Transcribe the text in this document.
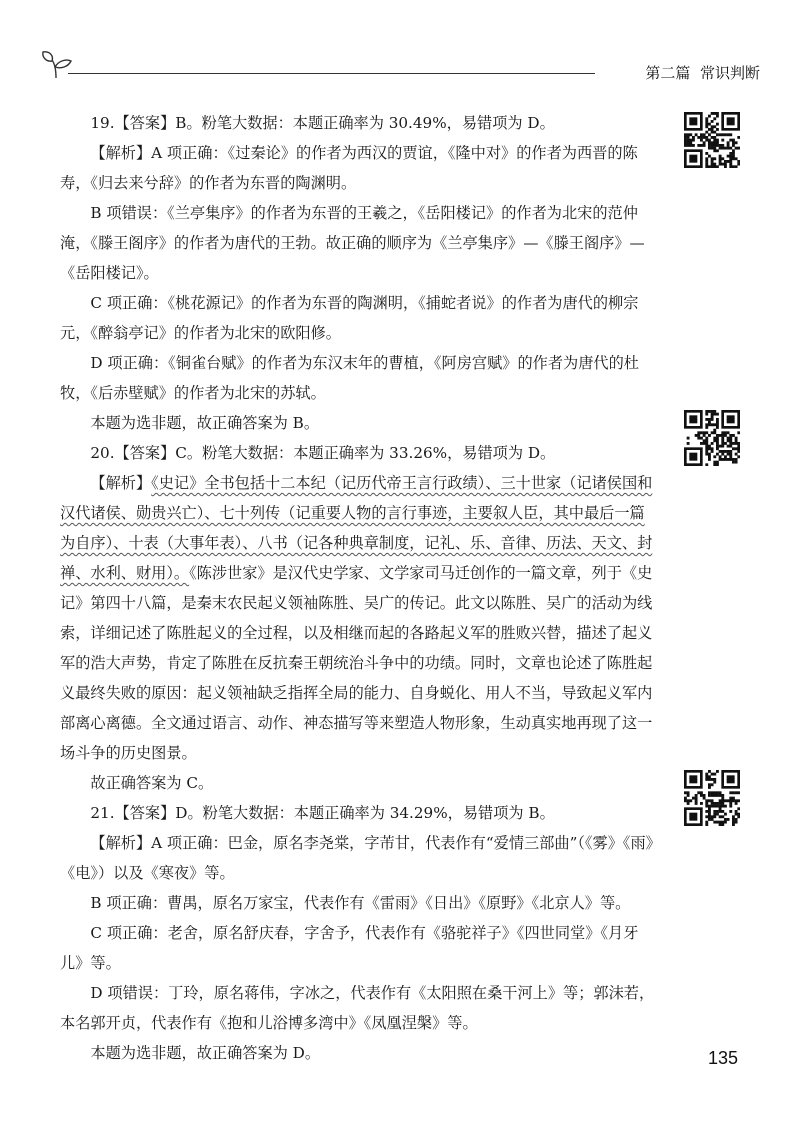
第二篇 常识判断

19.【答案】B。粉笔大数据：本题正确率为 30.49%，易错项为 D。

【解析】A 项正确：《过秦论》的作者为西汉的贾谊，《隆中对》的作者为西晋的陈寿，《归去来兮辞》的作者为东晋的陶渊明。

B 项错误：《兰亭集序》的作者为东晋的王羲之，《岳阳楼记》的作者为北宋的范仲淹，《滕王阁序》的作者为唐代的王勃。故正确的顺序为《兰亭集序》—《滕王阁序》—《岳阳楼记》。

C 项正确：《桃花源记》的作者为东晋的陶渊明，《捕蛇者说》的作者为唐代的柳宗元，《醉翁亭记》的作者为北宋的欧阳修。

D 项正确：《铜雀台赋》的作者为东汉末年的曹植，《阿房宫赋》的作者为唐代的杜牧，《后赤壁赋》的作者为北宋的苏轼。

本题为选非题，故正确答案为 B。

20.【答案】C。粉笔大数据：本题正确率为 33.26%，易错项为 D。

【解析】《史记》全书包括十二本纪（记历代帝王言行政绩）、三十世家（记诸侯国和汉代诸侯、勋贵兴亡）、七十列传（记重要人物的言行事迹，主要叙人臣，其中最后一篇为自序）、十表（大事年表）、八书（记各种典章制度，记礼、乐、音律、历法、天文、封禅、水利、财用）。《陈涉世家》是汉代史学家、文学家司马迁创作的一篇文章，列于《史记》第四十八篇，是秦末农民起义领袖陈胜、吴广的传记。此文以陈胜、吴广的活动为线索，详细记述了陈胜起义的全过程，以及相继而起的各路起义军的胜败兴替，描述了起义军的浩大声势，肯定了陈胜在反抗秦王朝统治斗争中的功绩。同时，文章也论述了陈胜起义最终失败的原因：起义领袖缺乏指挥全局的能力、自身蜕化、用人不当，导致起义军内部离心离德。全文通过语言、动作、神态描写等来塑造人物形象，生动真实地再现了这一场斗争的历史图景。

故正确答案为 C。

21.【答案】D。粉笔大数据：本题正确率为 34.29%，易错项为 B。

【解析】A 项正确：巴金，原名李尧棠，字芾甘，代表作有“爱情三部曲”（《雾》《雨》《电》）以及《寒夜》等。

B 项正确：曹禺，原名万家宝，代表作有《雷雨》《日出》《原野》《北京人》等。

C 项正确：老舍，原名舒庆春，字舍予，代表作有《骆驼祥子》《四世同堂》《月牙儿》等。

D 项错误：丁玲，原名蒋伟，字冰之，代表作有《太阳照在桑干河上》等；郭沫若，本名郭开贞，代表作有《抱和儿浴博多湾中》《凤凰涅槃》等。

本题为选非题，故正确答案为 D。	135
